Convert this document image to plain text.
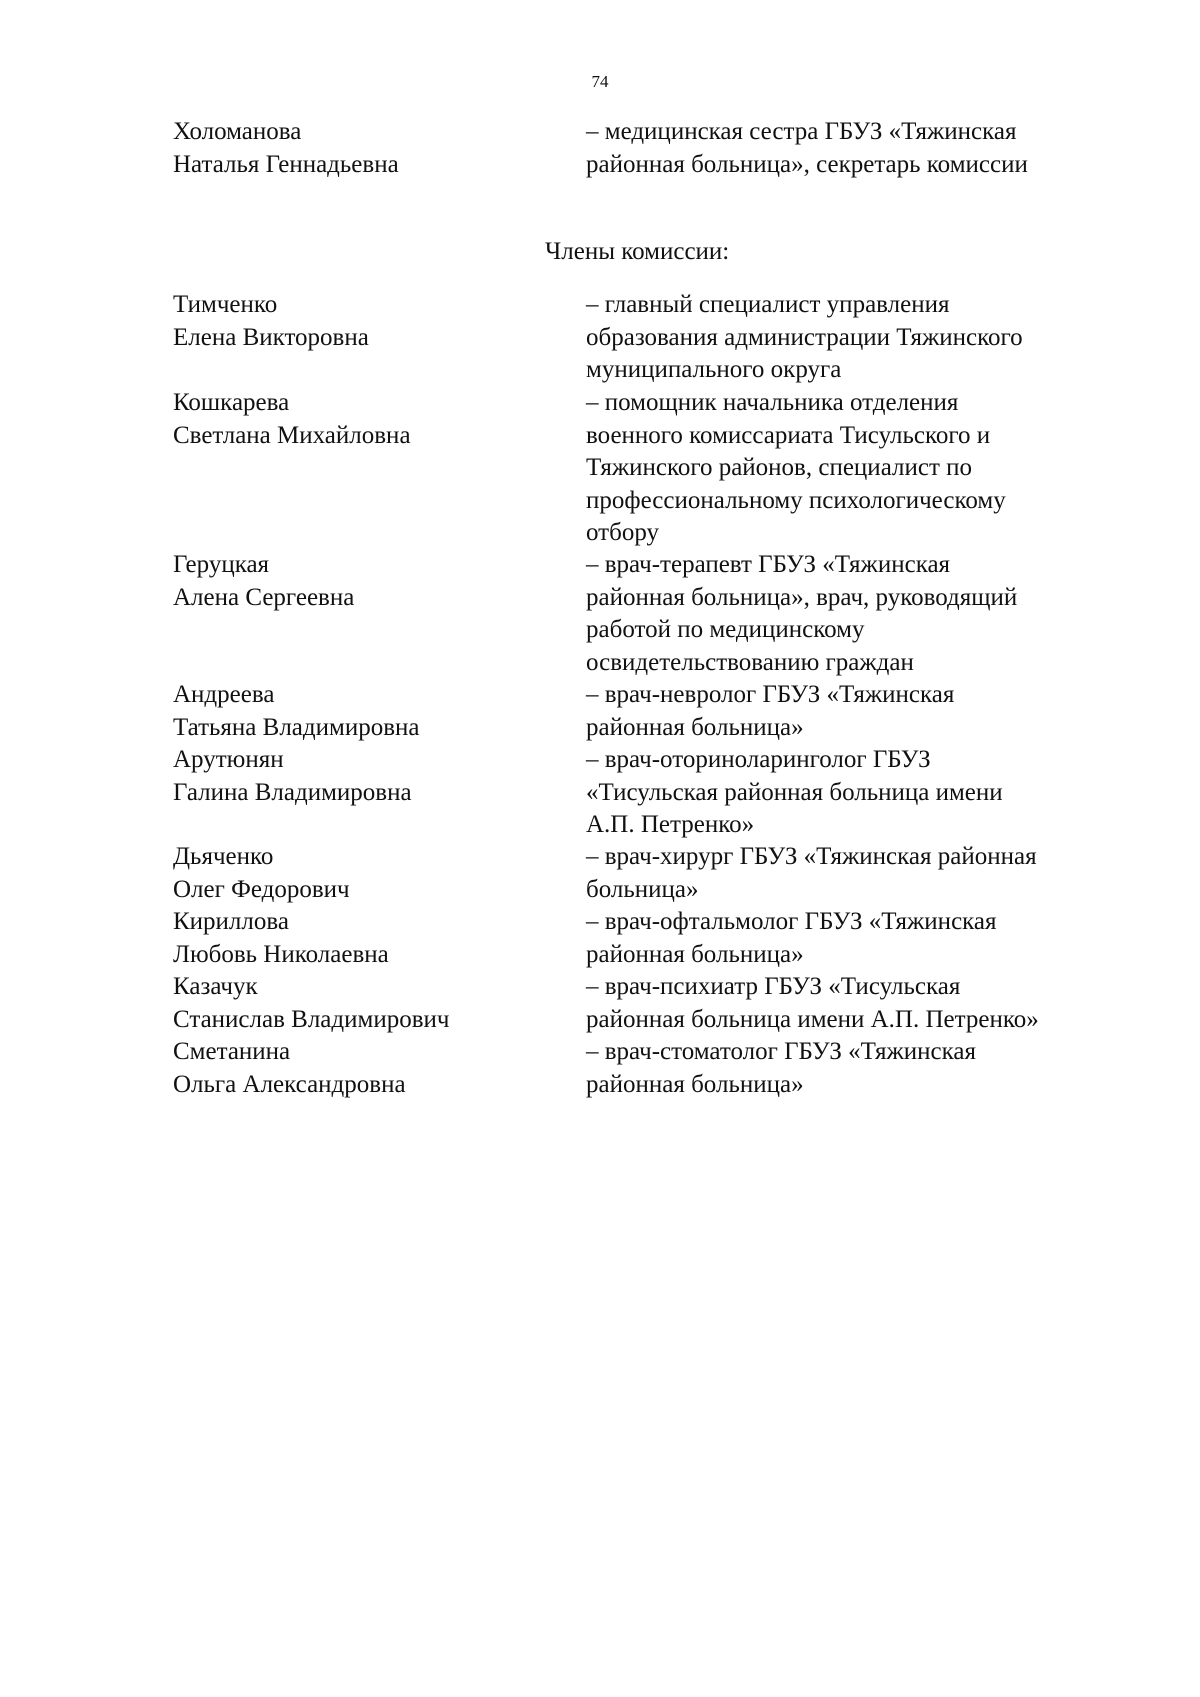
74
Холоманова
Наталья Геннадьевна
– медицинская сестра ГБУЗ «Тяжинская
районная больница», секретарь комиссии
Члены комиссии:
Тимченко
Елена Викторовна
– главный специалист управления
образования администрации Тяжинского
муниципального округа
Кошкарева
Светлана Михайловна
– помощник начальника отделения
военного комиссариата Тисульского и
Тяжинского районов, специалист по
профессиональному психологическому
отбору
Геруцкая
Алена Сергеевна
– врач-терапевт ГБУЗ «Тяжинская
районная больница», врач, руководящий
работой по медицинскому
освидетельствованию граждан
Андреева
Татьяна Владимировна
– врач-невролог ГБУЗ «Тяжинская
районная больница»
Арутюнян
Галина Владимировна
– врач-оториноларинголог ГБУЗ
«Тисульская районная больница имени
А.П. Петренко»
Дьяченко
Олег Федорович
– врач-хирург ГБУЗ «Тяжинская районная
больница»
Кириллова
Любовь Николаевна
– врач-офтальмолог ГБУЗ «Тяжинская
районная больница»
Казачук
Станислав Владимирович
– врач-психиатр ГБУЗ «Тисульская
районная больница имени А.П. Петренко»
Сметанина
Ольга Александровна
– врач-стоматолог ГБУЗ «Тяжинская
районная больница»
